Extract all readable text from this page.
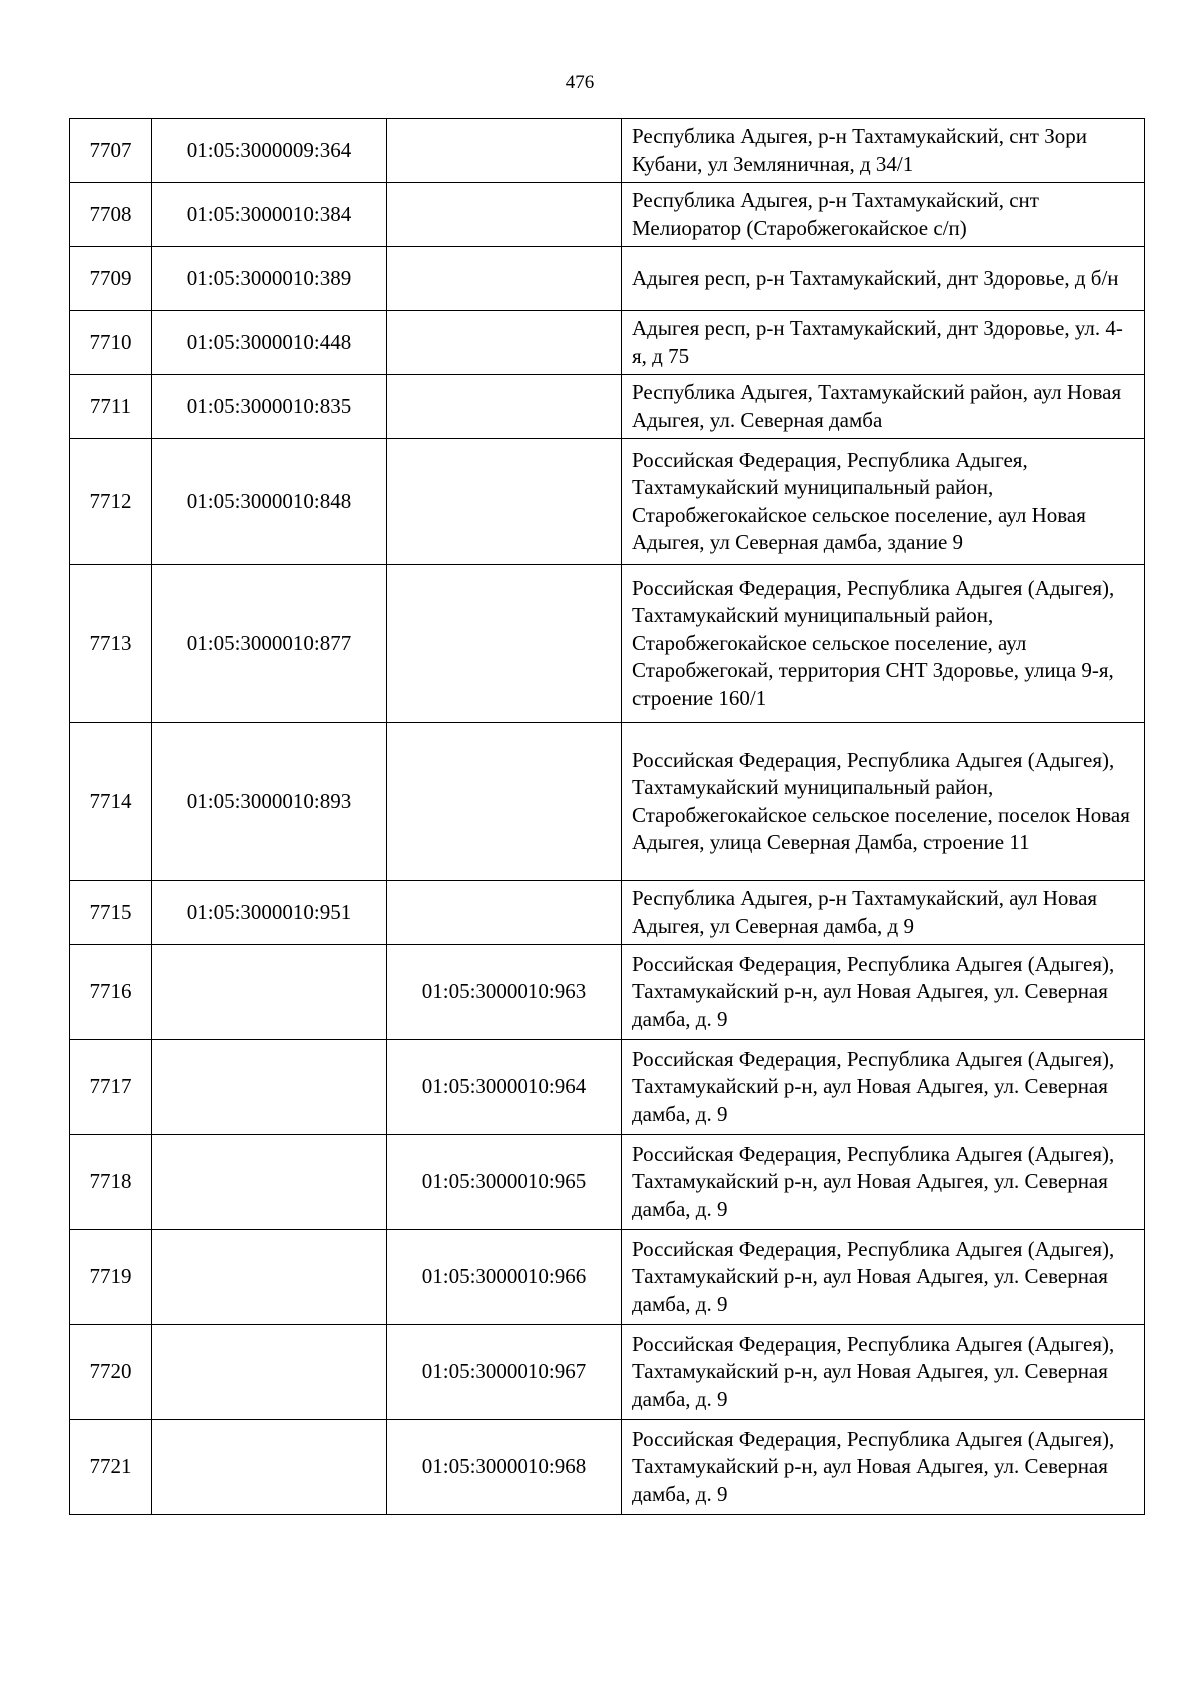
476
7707	01:05:3000009:364		Республика Адыгея, р-н Тахтамукайский, снт Зори Кубани, ул Земляничная, д 34/1
7708	01:05:3000010:384		Республика Адыгея, р-н Тахтамукайский, снт Мелиоратор (Старобжегокайское с/п)
7709	01:05:3000010:389		Адыгея респ, р-н Тахтамукайский, днт Здоровье, д б/н
7710	01:05:3000010:448		Адыгея респ, р-н Тахтамукайский, днт Здоровье, ул. 4-я, д 75
7711	01:05:3000010:835		Республика Адыгея, Тахтамукайский район, аул Новая Адыгея, ул. Северная дамба
7712	01:05:3000010:848		Российская Федерация, Республика Адыгея, Тахтамукайский муниципальный район, Старобжегокайское сельское поселение, аул Новая Адыгея, ул Северная дамба, здание 9
7713	01:05:3000010:877		Российская Федерация, Республика Адыгея (Адыгея), Тахтамукайский муниципальный район, Старобжегокайское сельское поселение, аул Старобжегокай, территория СНТ Здоровье, улица 9-я, строение 160/1
7714	01:05:3000010:893		Российская Федерация, Республика Адыгея (Адыгея), Тахтамукайский муниципальный район, Старобжегокайское сельское поселение, поселок Новая Адыгея, улица Северная Дамба, строение 11
7715	01:05:3000010:951		Республика Адыгея, р-н Тахтамукайский, аул Новая Адыгея, ул Северная дамба, д 9
7716		01:05:3000010:963	Российская Федерация, Республика Адыгея (Адыгея), Тахтамукайский р-н, аул Новая Адыгея, ул. Северная дамба, д. 9
7717		01:05:3000010:964	Российская Федерация, Республика Адыгея (Адыгея), Тахтамукайский р-н, аул Новая Адыгея, ул. Северная дамба, д. 9
7718		01:05:3000010:965	Российская Федерация, Республика Адыгея (Адыгея), Тахтамукайский р-н, аул Новая Адыгея, ул. Северная дамба, д. 9
7719		01:05:3000010:966	Российская Федерация, Республика Адыгея (Адыгея), Тахтамукайский р-н, аул Новая Адыгея, ул. Северная дамба, д. 9
7720		01:05:3000010:967	Российская Федерация, Республика Адыгея (Адыгея), Тахтамукайский р-н, аул Новая Адыгея, ул. Северная дамба, д. 9
7721		01:05:3000010:968	Российская Федерация, Республика Адыгея (Адыгея), Тахтамукайский р-н, аул Новая Адыгея, ул. Северная дамба, д. 9
